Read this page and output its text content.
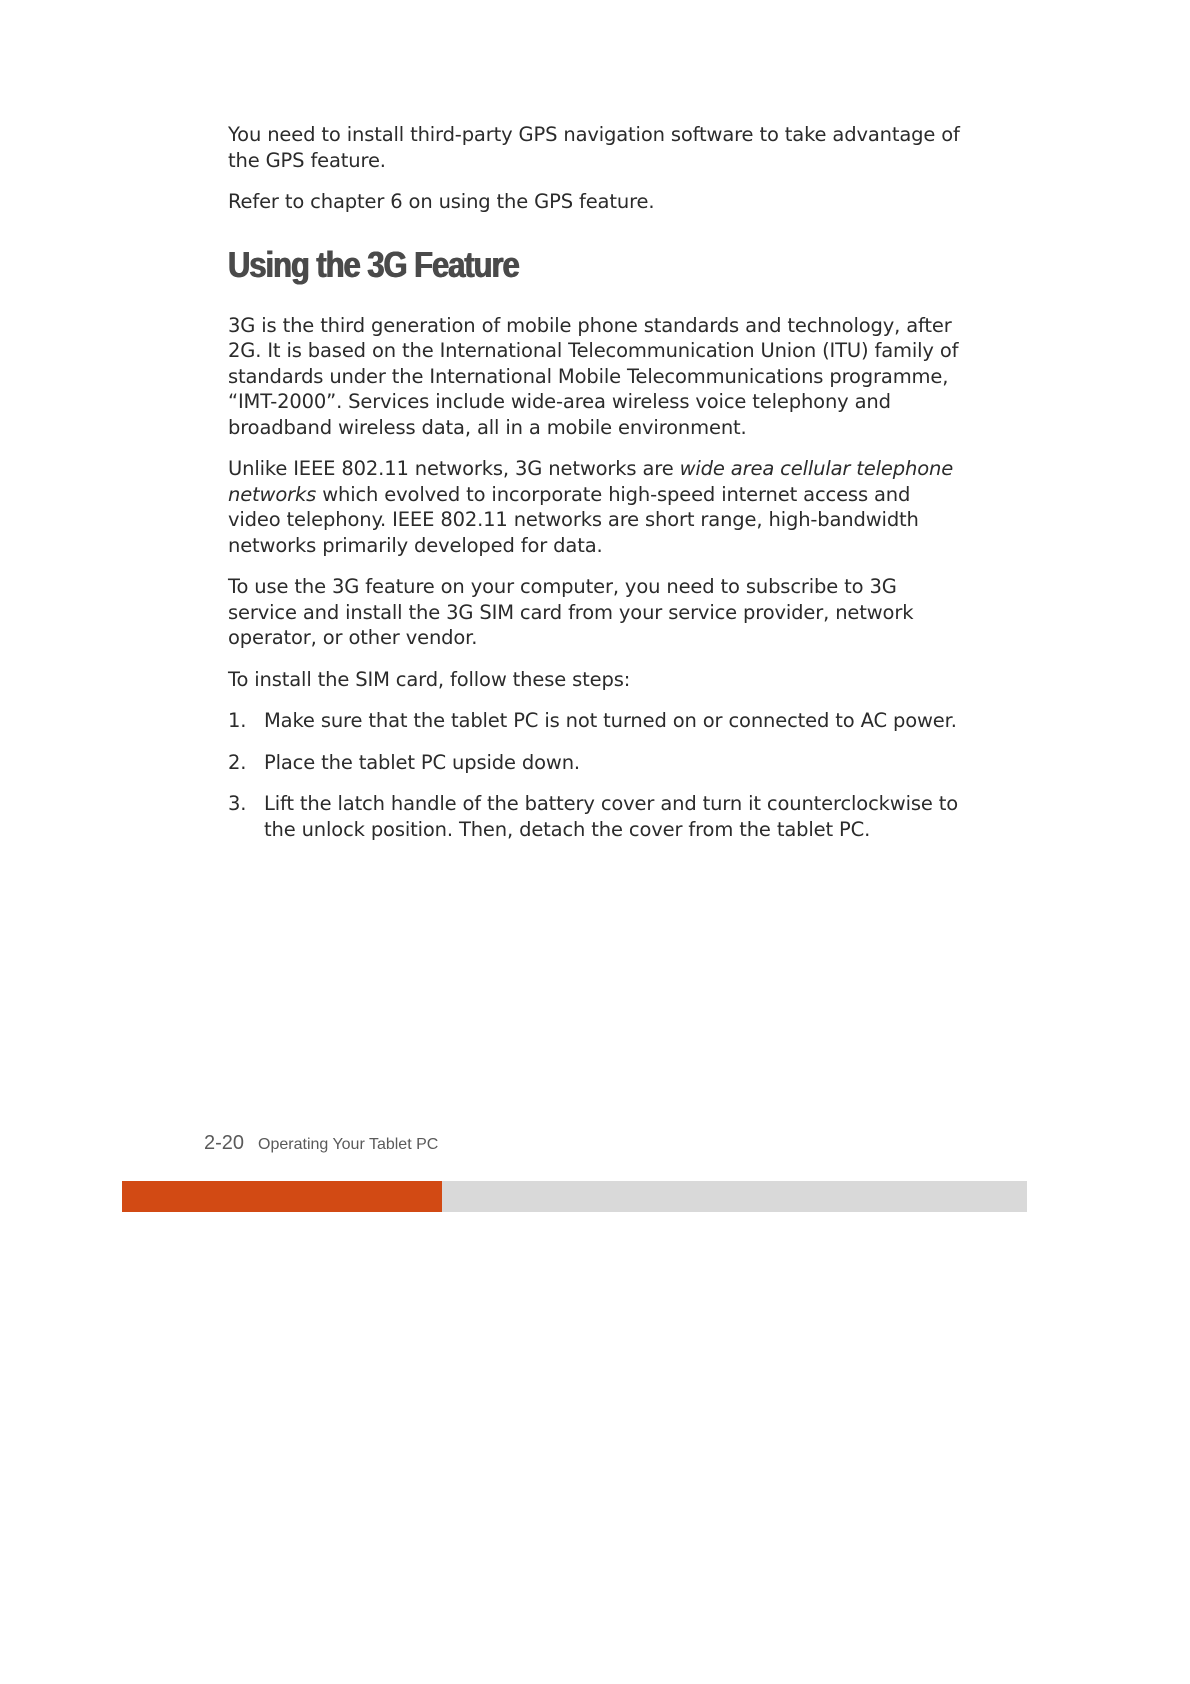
You need to install third-party GPS navigation software to take advantage of the GPS feature.

Refer to chapter 6 on using the GPS feature.

Using the 3G Feature

3G is the third generation of mobile phone standards and technology, after 2G. It is based on the International Telecommunication Union (ITU) family of standards under the International Mobile Telecommunications programme, “IMT-2000”. Services include wide-area wireless voice telephony and broadband wireless data, all in a mobile environment.

Unlike IEEE 802.11 networks, 3G networks are wide area cellular telephone networks which evolved to incorporate high-speed internet access and video telephony. IEEE 802.11 networks are short range, high-bandwidth networks primarily developed for data.

To use the 3G feature on your computer, you need to subscribe to 3G service and install the 3G SIM card from your service provider, network operator, or other vendor.

To install the SIM card, follow these steps:

1. Make sure that the tablet PC is not turned on or connected to AC power.
2. Place the tablet PC upside down.
3. Lift the latch handle of the battery cover and turn it counterclockwise to the unlock position. Then, detach the cover from the tablet PC.
2-20 Operating Your Tablet PC
